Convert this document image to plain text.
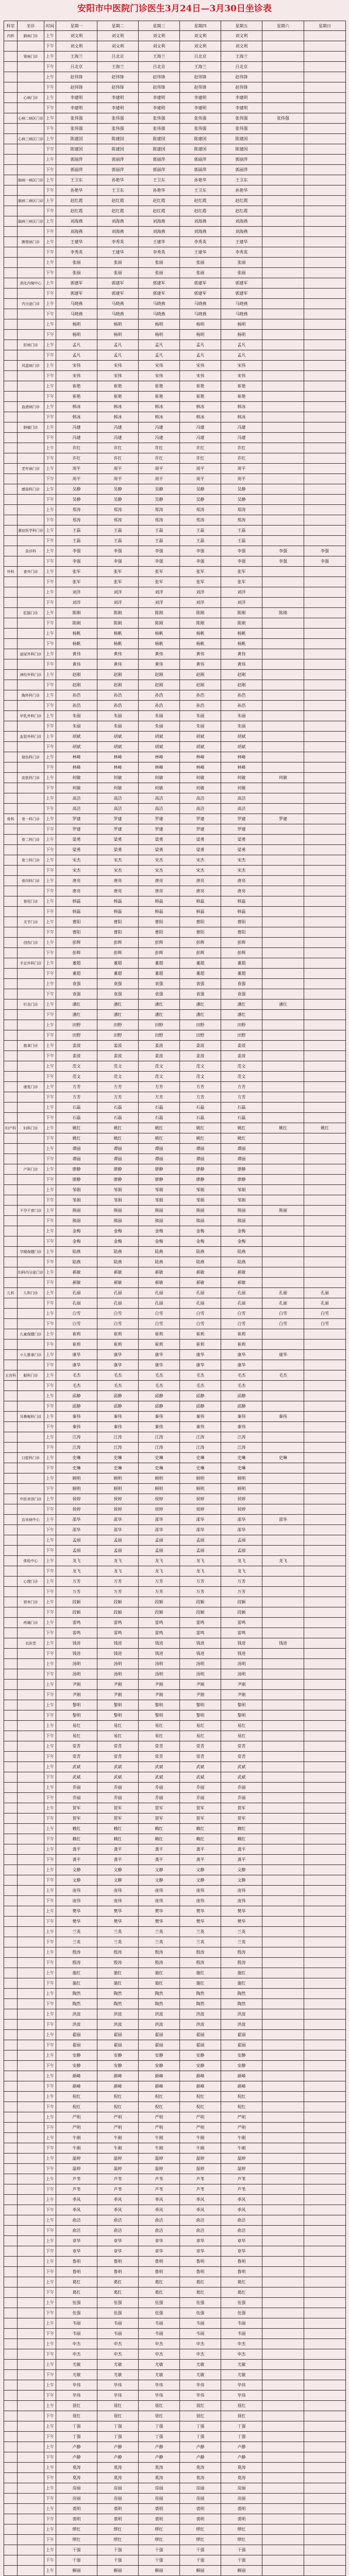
安阳市中医院门诊医生3月24日—3月30日坐诊表
科室	坐诊	时间	星期一	星期二	星期三	星期四	星期五	星期六	星期日
内科	肺病门诊	上午	刘文利	刘文利	刘文利	刘文利	刘文利		
		下午	刘文利	刘文利	刘文利	刘文利	刘文利		
	肾病门诊	上午	王海兰	吕北京	王海兰	吕北京	王海兰		
		下午	吕北京	王海兰	吕北京	王海兰	吕北京		
		上午	赵伟锋	赵伟锋	赵伟锋	赵伟锋	赵伟锋		
		下午	赵伟锋	赵伟锋	赵伟锋	赵伟锋	赵伟锋		
	心病门诊	上午	李建明	李建明	李建明	李建明	李建明		
		下午	李建明	李建明	李建明	李建明	李建明		
	心病二病区门诊	上午	张伟强	张伟强	张伟强	张伟强	张伟强	张伟强	
		下午	张伟强	张伟强	张伟强	张伟强	张伟强		
	心病三病区门诊	上午	陈建国	陈建国	陈建国	陈建国	陈建国		
		下午	陈建国	陈建国	陈建国	陈建国	陈建国		
		上午	郭丽萍	郭丽萍	郭丽萍	郭丽萍	郭丽萍		
		下午	郭丽萍	郭丽萍	郭丽萍	郭丽萍	郭丽萍		
	脑病一病区门诊	上午	王卫东	孙艳华	王卫东	孙艳华	王卫东		
		下午	孙艳华	王卫东	孙艳华	王卫东	孙艳华		
	脑病二病区门诊	上午	赵红霞	赵红霞	赵红霞	赵红霞	赵红霞		
		下午	赵红霞	赵红霞	赵红霞	赵红霞	赵红霞		
	脑病三病区门诊	上午	刘海燕	刘海燕	刘海燕	刘海燕	刘海燕		
		下午	刘海燕	刘海燕	刘海燕	刘海燕	刘海燕		
	脾胃病门诊	上午	王建华	李秀英	王建华	李秀英	王建华		
		下午	李秀英	王建华	李秀英	王建华	李秀英		
		上午	张丽	张丽	张丽	张丽	张丽		
		下午	张丽	张丽	张丽	张丽	张丽		
	消化内镜中心	上午	郭建军	郭建军	郭建军	郭建军	郭建军		
		下午	郭建军	郭建军	郭建军	郭建军	郭建军		
	内分泌门诊	上午	马晓燕	马晓燕	马晓燕	马晓燕	马晓燕		
		下午	马晓燕	马晓燕	马晓燕	马晓燕	马晓燕		
		上午	杨明	杨明	杨明	杨明	杨明		
		下午	杨明	杨明	杨明	杨明	杨明		
	肝病门诊	上午	孟凡	孟凡	孟凡	孟凡	孟凡		
		下午	孟凡	孟凡	孟凡	孟凡	孟凡		
	风湿病门诊	上午	宋伟	宋伟	宋伟	宋伟	宋伟		
		下午	宋伟	宋伟	宋伟	宋伟	宋伟		
		上午	崔艳	崔艳	崔艳	崔艳	崔艳		
		下午	崔艳	崔艳	崔艳	崔艳	崔艳		
	血液病门诊	上午	韩冰	韩冰	韩冰	韩冰	韩冰		
		下午	韩冰	韩冰	韩冰	韩冰	韩冰		
	肿瘤门诊	上午	冯建	冯建	冯建	冯建	冯建		
		下午	冯建	冯建	冯建	冯建	冯建		
		上午	许红	许红	许红	许红	许红		
		下午	许红	许红	许红	许红	许红		
	老年病门诊	上午	周平	周平	周平	周平	周平		
		下午	周平	周平	周平	周平	周平		
	感染科门诊	上午	吴静	吴静	吴静	吴静	吴静		
		下午	吴静	吴静	吴静	吴静	吴静		
		上午	郑涛	郑涛	郑涛	郑涛	郑涛		
		下午	郑涛	郑涛	郑涛	郑涛	郑涛		
	重症医学科门诊	上午	王磊	王磊	王磊	王磊	王磊		
		下午	王磊	王磊	王磊	王磊	王磊		
	急诊科	上午	李强	李强	李强	李强	李强	李强	李强
		下午	李强	李强	李强	李强	李强	李强	李强
外科	普外门诊	上午	张军	张军	张军	张军	张军		
		下午	张军	张军	张军	张军	张军		
		上午	刘洋	刘洋	刘洋	刘洋	刘洋		
		下午	刘洋	刘洋	刘洋	刘洋	刘洋		
	肛肠门诊	上午	陈刚	陈刚	陈刚	陈刚	陈刚	陈刚	
		下午	陈刚	陈刚	陈刚	陈刚	陈刚		
		上午	杨帆	杨帆	杨帆	杨帆	杨帆		
		下午	杨帆	杨帆	杨帆	杨帆	杨帆		
	泌尿外科门诊	上午	黄伟	黄伟	黄伟	黄伟	黄伟		
		下午	黄伟	黄伟	黄伟	黄伟	黄伟		
	神经外科门诊	上午	赵刚	赵刚	赵刚	赵刚	赵刚		
		下午	赵刚	赵刚	赵刚	赵刚	赵刚		
	胸外科门诊	上午	孙浩	孙浩	孙浩	孙浩	孙浩		
		下午	孙浩	孙浩	孙浩	孙浩	孙浩		
	甲乳外科门诊	上午	朱丽	朱丽	朱丽	朱丽	朱丽		
		下午	朱丽	朱丽	朱丽	朱丽	朱丽		
	血管外科门诊	上午	胡斌	胡斌	胡斌	胡斌	胡斌		
		下午	胡斌	胡斌	胡斌	胡斌	胡斌		
	烧伤科门诊	上午	林峰	林峰	林峰	林峰	林峰		
		下午	林峰	林峰	林峰	林峰	林峰		
	皮肤科门诊	上午	何敏	何敏	何敏	何敏	何敏	何敏	
		下午	何敏	何敏	何敏	何敏	何敏		
		上午	高洁	高洁	高洁	高洁	高洁		
		下午	高洁	高洁	高洁	高洁	高洁		
骨科	骨一科门诊	上午	罗建	罗建	罗建	罗建	罗建	罗建	
		下午	罗建	罗建	罗建	罗建	罗建		
	骨二科门诊	上午	梁勇	梁勇	梁勇	梁勇	梁勇		
		下午	梁勇	梁勇	梁勇	梁勇	梁勇		
	骨三科门诊	上午	宋杰	宋杰	宋杰	宋杰	宋杰		
		下午	宋杰	宋杰	宋杰	宋杰	宋杰		
	骨四科门诊	上午	唐亮	唐亮	唐亮	唐亮	唐亮		
		下午	唐亮	唐亮	唐亮	唐亮	唐亮		
	脊柱门诊	上午	韩磊	韩磊	韩磊	韩磊	韩磊		
		下午	韩磊	韩磊	韩磊	韩磊	韩磊		
	关节门诊	上午	曹阳	曹阳	曹阳	曹阳	曹阳		
		下午	曹阳	曹阳	曹阳	曹阳	曹阳		
	创伤门诊	上午	彭辉	彭辉	彭辉	彭辉	彭辉		
		下午	彭辉	彭辉	彭辉	彭辉	彭辉		
	手足外科门诊	上午	董超	董超	董超	董超	董超		
		下午	董超	董超	董超	董超	董超		
		上午	袁强	袁强	袁强	袁强	袁强		
		下午	袁强	袁强	袁强	袁强	袁强		
	针灸门诊	上午	潘红	潘红	潘红	潘红	潘红	潘红	
		下午	潘红	潘红	潘红	潘红	潘红		
		上午	田野	田野	田野	田野	田野		
		下午	田野	田野	田野	田野	田野		
	推拿门诊	上午	姜波	姜波	姜波	姜波	姜波		
		下午	姜波	姜波	姜波	姜波	姜波		
		上午	范文	范文	范文	范文	范文		
		下午	范文	范文	范文	范文	范文		
	康复门诊	上午	方芳	方芳	方芳	方芳	方芳		
		下午	方芳	方芳	方芳	方芳	方芳		
		上午	石磊	石磊	石磊	石磊	石磊		
		下午	石磊	石磊	石磊	石磊	石磊		
妇产科	妇科门诊	上午	姚红	姚红	姚红	姚红	姚红	姚红	姚红
		下午	姚红	姚红	姚红	姚红	姚红		
		上午	谭丽	谭丽	谭丽	谭丽	谭丽		
		下午	谭丽	谭丽	谭丽	谭丽	谭丽		
	产科门诊	上午	廖静	廖静	廖静	廖静	廖静		
		下午	廖静	廖静	廖静	廖静	廖静		
		上午	邹娟	邹娟	邹娟	邹娟	邹娟		
		下午	邹娟	邹娟	邹娟	邹娟	邹娟		
	不孕不育门诊	上午	熊丽	熊丽	熊丽	熊丽	熊丽	熊丽	
		下午	熊丽	熊丽	熊丽	熊丽	熊丽		
		上午	金梅	金梅	金梅	金梅	金梅		
		下午	金梅	金梅	金梅	金梅	金梅		
	孕期保健门诊	上午	陆燕	陆燕	陆燕	陆燕	陆燕		
		下午	陆燕	陆燕	陆燕	陆燕	陆燕		
	妇科内分泌门诊	上午	郝敏	郝敏	郝敏	郝敏	郝敏		
		下午	郝敏	郝敏	郝敏	郝敏	郝敏		
儿科	儿科门诊	上午	孔丽	孔丽	孔丽	孔丽	孔丽	孔丽	孔丽
		下午	孔丽	孔丽	孔丽	孔丽	孔丽	孔丽	孔丽
		上午	白雪	白雪	白雪	白雪	白雪	白雪	白雪
		下午	白雪	白雪	白雪	白雪	白雪	白雪	白雪
	儿童保健门诊	上午	崔莉	崔莉	崔莉	崔莉	崔莉		
		下午	崔莉	崔莉	崔莉	崔莉	崔莉		
	小儿推拿门诊	上午	康华	康华	康华	康华	康华	康华	
		下午	康华	康华	康华	康华	康华		
五官科	眼科门诊	上午	毛杰	毛杰	毛杰	毛杰	毛杰	毛杰	
		下午	毛杰	毛杰	毛杰	毛杰	毛杰		
		上午	邱静	邱静	邱静	邱静	邱静		
		下午	邱静	邱静	邱静	邱静	邱静		
	耳鼻喉科门诊	上午	秦伟	秦伟	秦伟	秦伟	秦伟	秦伟	
		下午	秦伟	秦伟	秦伟	秦伟	秦伟		
		上午	江涛	江涛	江涛	江涛	江涛		
		下午	江涛	江涛	江涛	江涛	江涛		
	口腔科门诊	上午	史琳	史琳	史琳	史琳	史琳	史琳	
		下午	史琳	史琳	史琳	史琳	史琳		
		上午	顾明	顾明	顾明	顾明	顾明		
		下午	顾明	顾明	顾明	顾明	顾明		
	中医美容门诊	上午	侯婷	侯婷	侯婷	侯婷	侯婷		
		下午	侯婷	侯婷	侯婷	侯婷	侯婷		
	治未病中心	上午	邵华	邵华	邵华	邵华	邵华	邵华	
		下午	邵华	邵华	邵华	邵华	邵华		
		上午	孟丽	孟丽	孟丽	孟丽	孟丽		
		下午	孟丽	孟丽	孟丽	孟丽	孟丽		
	体检中心	上午	龙飞	龙飞	龙飞	龙飞	龙飞	龙飞	
		下午	龙飞	龙飞	龙飞	龙飞	龙飞		
	心理门诊	上午	万芳	万芳	万芳	万芳	万芳		
		下午	万芳	万芳	万芳	万芳	万芳		
	营养门诊	上午	段颖	段颖	段颖	段颖	段颖		
		下午	段颖	段颖	段颖	段颖	段颖		
	疼痛门诊	上午	雷鸣	雷鸣	雷鸣	雷鸣	雷鸣		
		下午	雷鸣	雷鸣	雷鸣	雷鸣	雷鸣		
	名医堂	上午	钱进	钱进	钱进	钱进	钱进	钱进	
		下午	钱进	钱进	钱进	钱进	钱进		
		上午	汤明	汤明	汤明	汤明	汤明		
		下午	汤明	汤明	汤明	汤明	汤明		
		上午	尹刚	尹刚	尹刚	尹刚	尹刚		
		下午	尹刚	尹刚	尹刚	尹刚	尹刚		
		上午	黎明	黎明	黎明	黎明	黎明		
		下午	黎明	黎明	黎明	黎明	黎明		
		上午	易红	易红	易红	易红	易红		
		下午	易红	易红	易红	易红	易红		
		上午	常青	常青	常青	常青	常青		
		下午	常青	常青	常青	常青	常青		
		上午	武斌	武斌	武斌	武斌	武斌		
		下午	武斌	武斌	武斌	武斌	武斌		
		上午	乔丽	乔丽	乔丽	乔丽	乔丽		
		下午	乔丽	乔丽	乔丽	乔丽	乔丽		
		上午	贺军	贺军	贺军	贺军	贺军		
		下午	贺军	贺军	贺军	贺军	贺军		
		上午	赖红	赖红	赖红	赖红	赖红		
		下午	赖红	赖红	赖红	赖红	赖红		
		上午	龚平	龚平	龚平	龚平	龚平		
		下午	龚平	龚平	龚平	龚平	龚平		
		上午	文静	文静	文静	文静	文静		
		下午	文静	文静	文静	文静	文静		
		上午	庞伟	庞伟	庞伟	庞伟	庞伟		
		下午	庞伟	庞伟	庞伟	庞伟	庞伟		
		上午	樊华	樊华	樊华	樊华	樊华		
		下午	樊华	樊华	樊华	樊华	樊华		
		上午	兰英	兰英	兰英	兰英	兰英		
		下午	兰英	兰英	兰英	兰英	兰英		
		上午	殷涛	殷涛	殷涛	殷涛	殷涛		
		下午	殷涛	殷涛	殷涛	殷涛	殷涛		
		上午	施红	施红	施红	施红	施红		
		下午	施红	施红	施红	施红	施红		
		上午	陶然	陶然	陶然	陶然	陶然		
		下午	陶然	陶然	陶然	陶然	陶然		
		上午	洪波	洪波	洪波	洪波	洪波		
		下午	洪波	洪波	洪波	洪波	洪波		
		上午	翟丽	翟丽	翟丽	翟丽	翟丽		
		下午	翟丽	翟丽	翟丽	翟丽	翟丽		
		上午	安静	安静	安静	安静	安静		
		下午	安静	安静	安静	安静	安静		
		上午	颜峰	颜峰	颜峰	颜峰	颜峰		
		下午	颜峰	颜峰	颜峰	颜峰	颜峰		
		上午	倪红	倪红	倪红	倪红	倪红		
		下午	倪红	倪红	倪红	倪红	倪红		
		上午	严明	严明	严明	严明	严明		
		下午	严明	严明	严明	严明	严明		
		上午	牛刚	牛刚	牛刚	牛刚	牛刚		
		下午	牛刚	牛刚	牛刚	牛刚	牛刚		
		上午	温婷	温婷	温婷	温婷	温婷		
		下午	温婷	温婷	温婷	温婷	温婷		
		上午	芦苇	芦苇	芦苇	芦苇	芦苇		
		下午	芦苇	芦苇	芦苇	芦苇	芦苇		
		上午	季风	季风	季风	季风	季风		
		下午	季风	季风	季风	季风	季风		
		上午	俞洁	俞洁	俞洁	俞洁	俞洁		
		下午	俞洁	俞洁	俞洁	俞洁	俞洁		
		上午	章华	章华	章华	章华	章华		
		下午	章华	章华	章华	章华	章华		
		上午	鲁明	鲁明	鲁明	鲁明	鲁明		
		下午	鲁明	鲁明	鲁明	鲁明	鲁明		
		上午	葛红	葛红	葛红	葛红	葛红		
		下午	葛红	葛红	葛红	葛红	葛红		
		上午	伍强	伍强	伍强	伍强	伍强		
		下午	伍强	伍强	伍强	伍强	伍强		
		上午	韦丽	韦丽	韦丽	韦丽	韦丽		
		下午	韦丽	韦丽	韦丽	韦丽	韦丽		
		上午	申杰	申杰	申杰	申杰	申杰		
		下午	申杰	申杰	申杰	申杰	申杰		
		上午	尤敏	尤敏	尤敏	尤敏	尤敏		
		下午	尤敏	尤敏	尤敏	尤敏	尤敏		
		上午	毕伟	毕伟	毕伟	毕伟	毕伟		
		下午	毕伟	毕伟	毕伟	毕伟	毕伟		
		上午	聂红	聂红	聂红	聂红	聂红		
		下午	聂红	聂红	聂红	聂红	聂红		
		上午	丁强	丁强	丁强	丁强	丁强		
		下午	丁强	丁强	丁强	丁强	丁强		
		上午	卢静	卢静	卢静	卢静	卢静		
		下午	卢静	卢静	卢静	卢静	卢静		
		上午	莫涛	莫涛	莫涛	莫涛	莫涛		
		下午	莫涛	莫涛	莫涛	莫涛	莫涛		
		上午	房丽	房丽	房丽	房丽	房丽		
		下午	房丽	房丽	房丽	房丽	房丽		
		上午	裘明	裘明	裘明	裘明	裘明		
		下午	裘明	裘明	裘明	裘明	裘明		
		上午	缪红	缪红	缪红	缪红	缪红		
		下午	缪红	缪红	缪红	缪红	缪红		
		上午	干强	干强	干强	干强	干强		
		下午	干强	干强	干强	干强	干强		
		上午	解丽	解丽	解丽	解丽	解丽		
